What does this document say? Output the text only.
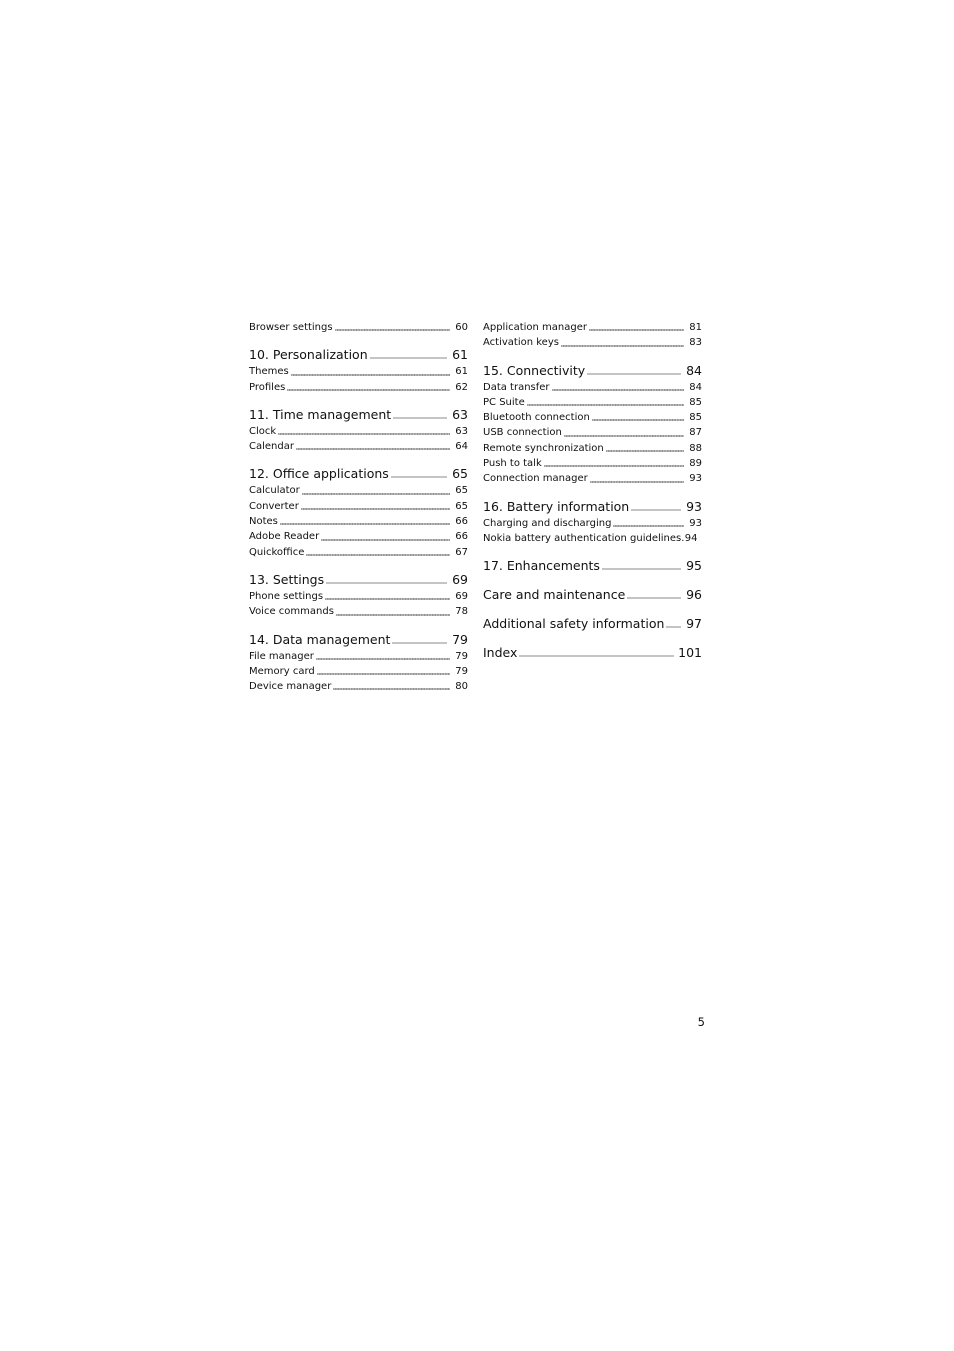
Browser settings	60
10. Personalization	61
Themes	61
Profiles	62
11. Time management	63
Clock	63
Calendar	64
12. Office applications	65
Calculator	65
Converter	65
Notes	66
Adobe Reader	66
Quickoffice	67
13. Settings	69
Phone settings	69
Voice commands	78
14. Data management	79
File manager	79
Memory card	79
Device manager	80
Application manager	81
Activation keys	83
15. Connectivity	84
Data transfer	84
PC Suite	85
Bluetooth connection	85
USB connection	87
Remote synchronization	88
Push to talk	89
Connection manager	93
16. Battery information	93
Charging and discharging	93
Nokia battery authentication guidelines. 94
17. Enhancements	95
Care and maintenance	96
Additional safety information 97
Index	101
5
